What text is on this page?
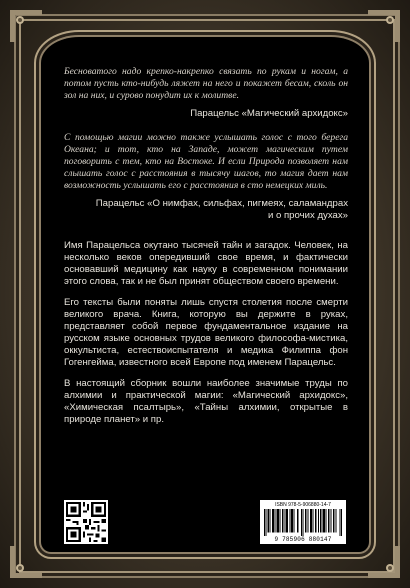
Бесноватого надо крепко-накрепко связать по рукам и ногам, а потом пусть кто-нибудь ляжет на него и покажет бесам, сколь он зол на них, и сурово понудит их к молитве.

Парацельс «Магический архидокс»

С помощью магии можно также услышать голос с того берега Океана; и тот, кто на Западе, может магическим путем поговорить с тем, кто на Востоке. И если Природа позволяет нам слышать голос с расстояния в тысячу шагов, то магия дает нам возможность услышать его с расстояния в сто немецких миль.

Парацельс «О нимфах, сильфах, пигмеях, саламандрах

и о прочих духах»

Имя Парацельса окутано тысячей тайн и загадок. Человек, на несколько веков опередивший свое время, и фактически основавший медицину как науку в современном понимании этого слова, так и не был принят обществом своего времени.

Его тексты были поняты лишь спустя столетия после смерти великого врача. Книга, которую вы держите в руках, представляет собой первое фундаментальное издание на русском языке основных трудов великого философа-мистика, оккультиста, естествоиспытателя и медика Филиппа фон Гогенгейма, известного всей Европе под именем Парацельс.

В настоящий сборник вошли наиболее значимые труды по алхимии и практической магии: «Магический архидокс», «Химическая псалтырь», «Тайны алхимии, открытые в природе планет» и пр.

ISBN 978-5-906880-14-7
9 785906 880147
